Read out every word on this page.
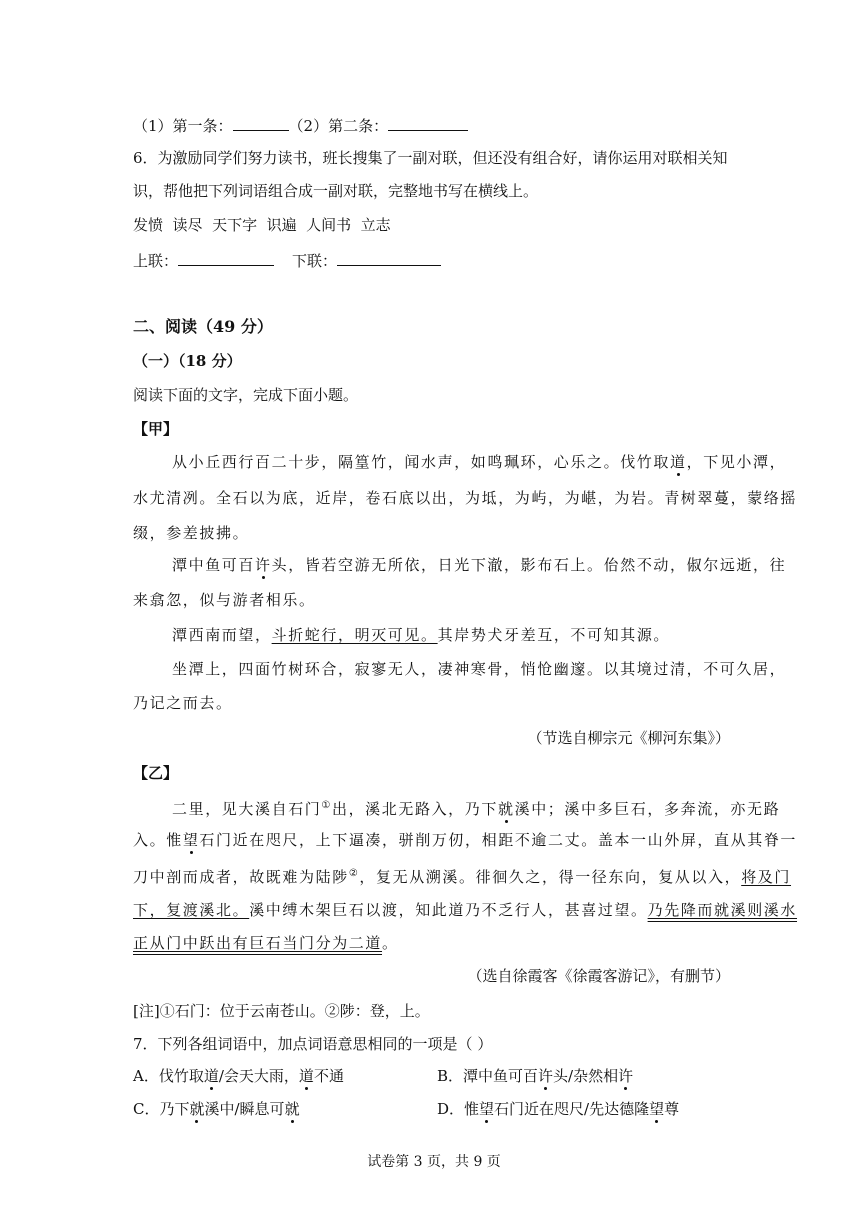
（1）第一条：	（2）第二条：
6．为激励同学们努力读书，班长搜集了一副对联，但还没有组合好，请你运用对联相关知
识，帮他把下列词语组合成一副对联，完整地书写在横线上。
发愤  读尽  天下字  识遍  人间书  立志
上联：	下联：
二、阅读（49 分）
（一）（18 分）
阅读下面的文字，完成下面小题。
【甲】
从小丘西行百二十步，隔篁竹，闻水声，如鸣珮环，心乐之。伐竹取道，下见小潭，
水尤清冽。全石以为底，近岸，卷石底以出，为坻，为屿，为嵁，为岩。青树翠蔓，蒙络摇
缀，参差披拂。
潭中鱼可百许头，皆若空游无所依，日光下澈，影布石上。佁然不动，俶尔远逝，往
来翕忽，似与游者相乐。
潭西南而望，斗折蛇行，明灭可见。其岸势犬牙差互，不可知其源。
坐潭上，四面竹树环合，寂寥无人，凄神寒骨，悄怆幽邃。以其境过清，不可久居，
乃记之而去。
（节选自柳宗元《柳河东集》）
【乙】
二里，见大溪自石门①出，溪北无路入，乃下就溪中；溪中多巨石，多奔流，亦无路
入。惟望石门近在咫尺，上下逼凑，骈削万仞，相距不逾二丈。盖本一山外屏，直从其脊一
刀中剖而成者，故既难为陆陟②，复无从溯溪。徘徊久之，得一径东向，复从以入，将及门
下，复渡溪北。溪中缚木架巨石以渡，知此道乃不乏行人，甚喜过望。乃先降而就溪则溪水
正从门中跃出有巨石当门分为二道。
（选自徐霞客《徐霞客游记》，有删节）
[注]①石门：位于云南苍山。②陟：登，上。
7．下列各组词语中，加点词语意思相同的一项是（ ）
A．伐竹取道/会天大雨，道不通	B．潭中鱼可百许头/杂然相许
C．乃下就溪中/瞬息可就	D．惟望石门近在咫尺/先达德隆望尊
试卷第 3 页，共 9 页
